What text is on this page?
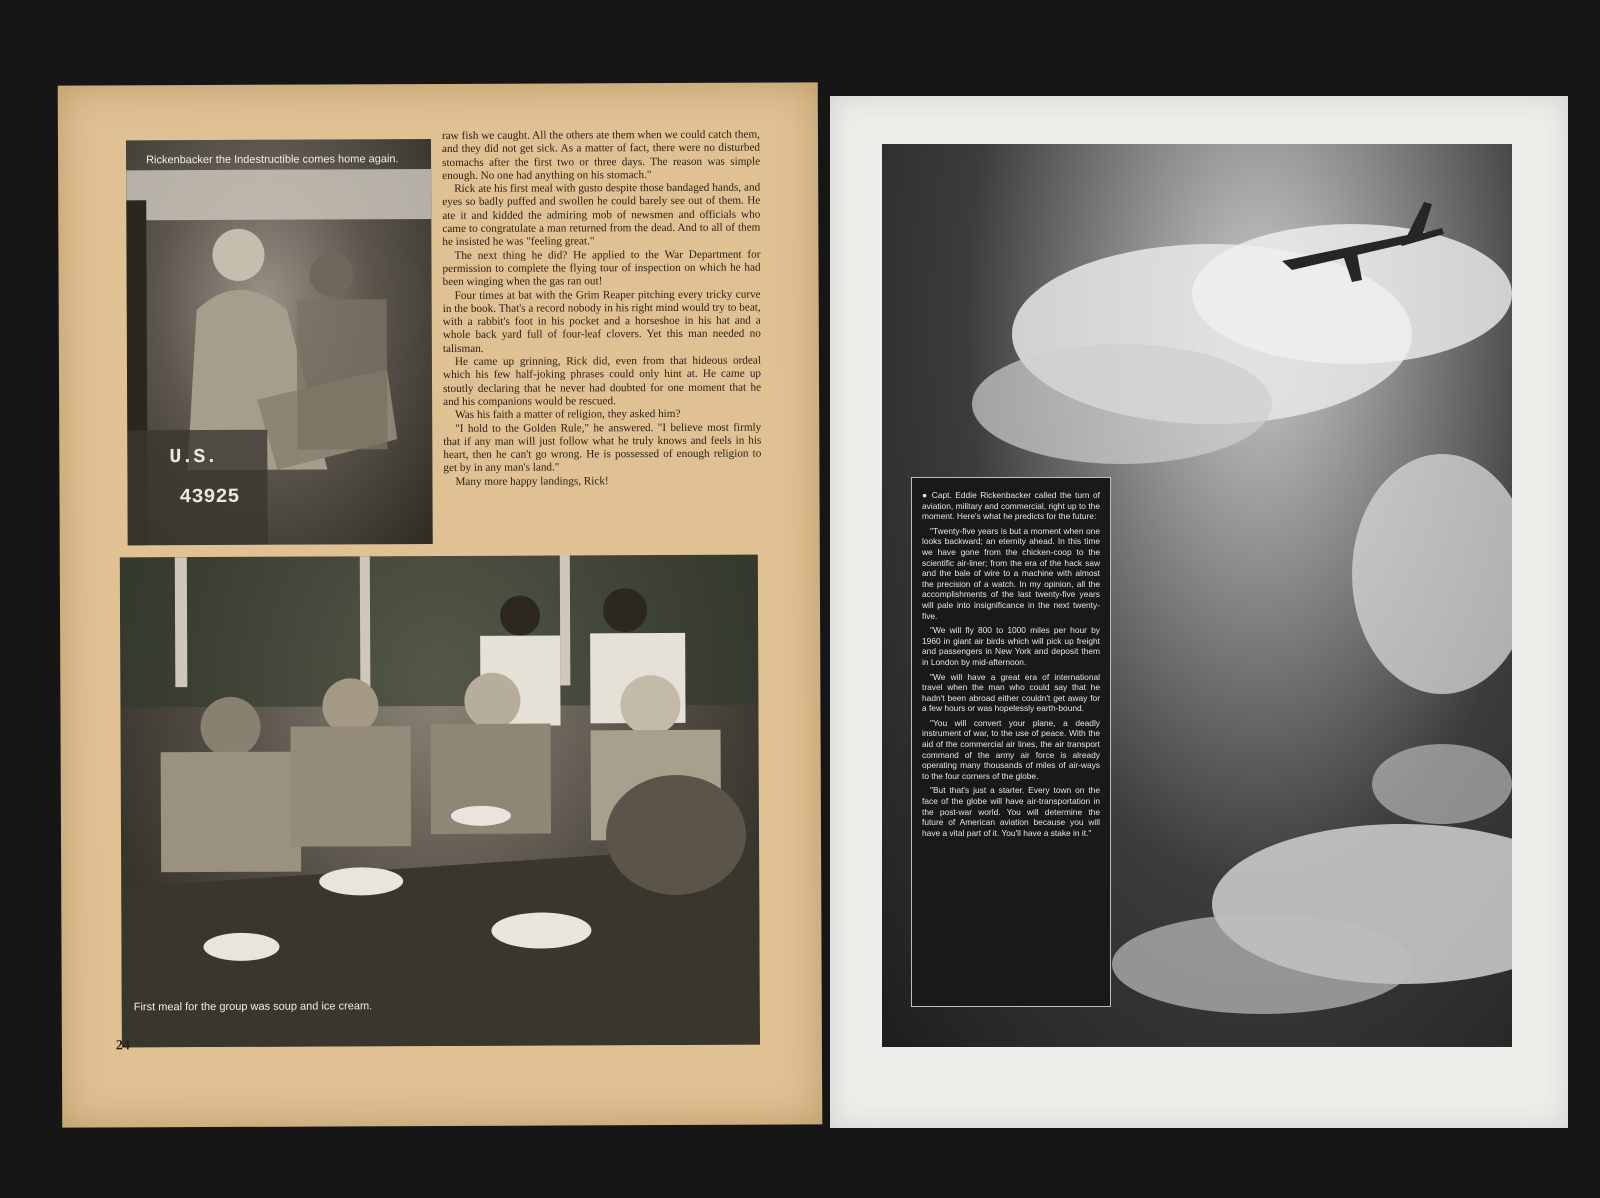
Rickenbacker the Indestructible comes home again.
U.S.
43925

raw fish we caught. All the others ate them when we could catch them, and they did not get sick. As a matter of fact, there were no disturbed stomachs after the first two or three days. The reason was simple enough. No one had anything on his stomach."

Rick ate his first meal with gusto despite those bandaged hands, and eyes so badly puffed and swollen he could barely see out of them. He ate it and kidded the admiring mob of newsmen and officials who came to congratulate a man returned from the dead. And to all of them he insisted he was "feeling great."

The next thing he did? He applied to the War Department for permission to complete the flying tour of inspection on which he had been winging when the gas ran out!

Four times at bat with the Grim Reaper pitching every tricky curve in the book. That's a record nobody in his right mind would try to beat, with a rabbit's foot in his pocket and a horseshoe in his hat and a whole back yard full of four-leaf clovers. Yet this man needed no talisman.

He came up grinning, Rick did, even from that hideous ordeal which his few half-joking phrases could only hint at. He came up stoutly declaring that he never had doubted for one moment that he and his companions would be rescued.

Was his faith a matter of religion, they asked him?

"I hold to the Golden Rule," he answered. "I believe most firmly that if any man will just follow what he truly knows and feels in his heart, then he can't go wrong. He is possessed of enough religion to get by in any man's land."

Many more happy landings, Rick!

First meal for the group was soup and ice cream.
24

● Capt. Eddie Rickenbacker called the turn of aviation, military and commercial, right up to the moment. Here's what he predicts for the future:

"Twenty-five years is but a moment when one looks backward; an eternity ahead. In this time we have gone from the chicken-coop to the scientific air-liner; from the era of the hack saw and the bale of wire to a machine with almost the precision of a watch. In my opinion, all the accomplishments of the last twenty-five years will pale into insignificance in the next twenty-five.

"We will fly 800 to 1000 miles per hour by 1960 in giant air birds which will pick up freight and passengers in New York and deposit them in London by mid-afternoon.

"We will have a great era of international travel when the man who could say that he hadn't been abroad either couldn't get away for a few hours or was hopelessly earth-bound.

"You will convert your plane, a deadly instrument of war, to the use of peace. With the aid of the commercial air lines, the air transport command of the army air force is already operating many thousands of miles of air-ways to the four corners of the globe.

"But that's just a starter. Every town on the face of the globe will have air-transportation in the post-war world. You will determine the future of American aviation because you will have a vital part of it. You'll have a stake in it."
